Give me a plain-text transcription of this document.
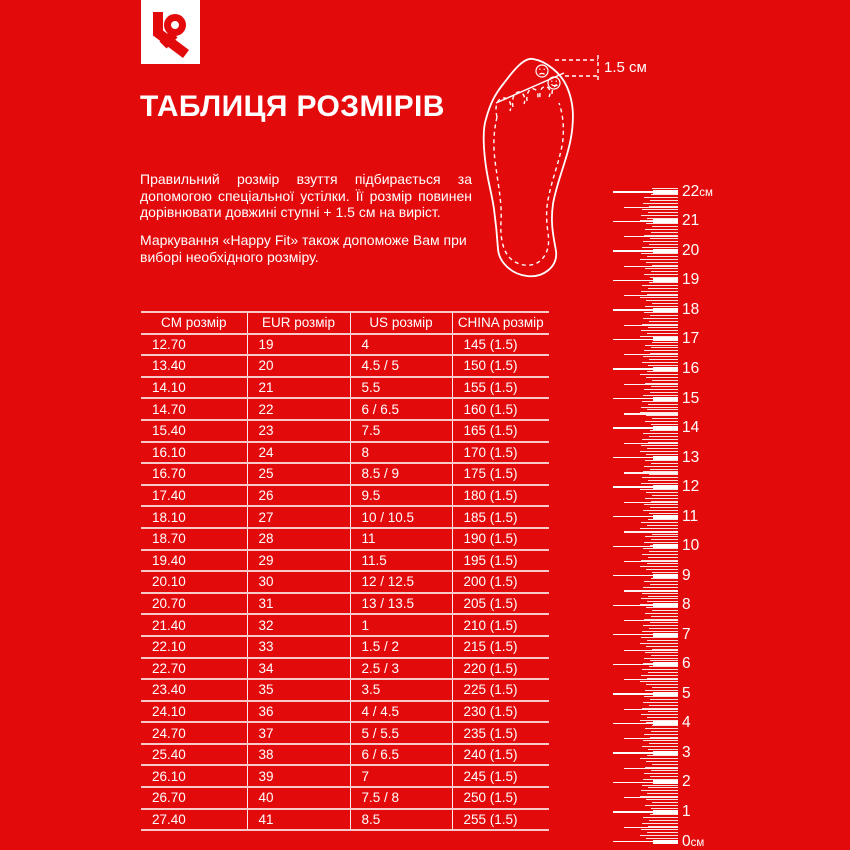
ТАБЛИЦЯ РОЗМІРІВ

Правильний розмір взуття підбирається за допомогою спеціальної устілки. Її розмір повинен дорівнювати довжині ступні + 1.5 см на виріст.

Маркування «Happy Fit» також допоможе Вам при виборі необхідного розміру.

1.5 см
22см
21
20
19
18
17
16
15
14
13
12
11
10
9
8
7
6
5
4
3
2
1
0см
CM розмір	EUR розмір	US розмір	CHINA розмір
12.70	19	4	145 (1.5)
13.40	20	4.5 / 5	150 (1.5)
14.10	21	5.5	155 (1.5)
14.70	22	6 / 6.5	160 (1.5)
15.40	23	7.5	165 (1.5)
16.10	24	8	170 (1.5)
16.70	25	8.5 / 9	175 (1.5)
17.40	26	9.5	180 (1.5)
18.10	27	10 / 10.5	185 (1.5)
18.70	28	11	190 (1.5)
19.40	29	11.5	195 (1.5)
20.10	30	12 / 12.5	200 (1.5)
20.70	31	13 / 13.5	205 (1.5)
21.40	32	1	210 (1.5)
22.10	33	1.5 / 2	215 (1.5)
22.70	34	2.5 / 3	220 (1.5)
23.40	35	3.5	225 (1.5)
24.10	36	4 / 4.5	230 (1.5)
24.70	37	5 / 5.5	235 (1.5)
25.40	38	6 / 6.5	240 (1.5)
26.10	39	7	245 (1.5)
26.70	40	7.5 / 8	250 (1.5)
27.40	41	8.5	255 (1.5)
